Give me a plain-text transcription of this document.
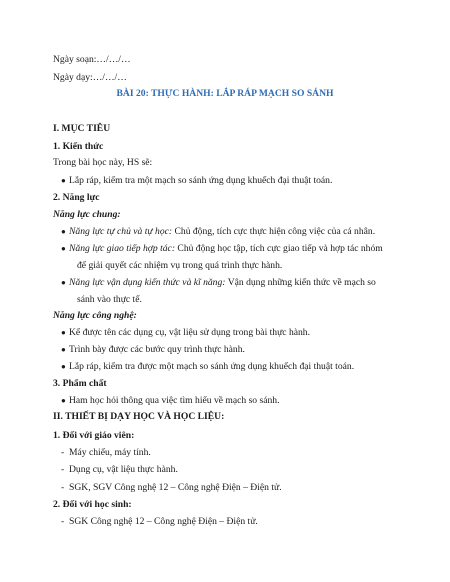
Ngày soạn:…/…/…
Ngày dạy:…/…/…
BÀI 20: THỰC HÀNH: LẮP RÁP MẠCH SO SÁNH
I. MỤC TIÊU
1. Kiến thức
Trong bài học này, HS sẽ:
● Lắp ráp, kiểm tra một mạch so sánh ứng dụng khuếch đại thuật toán.
2. Năng lực
Năng lực chung:
● Năng lực tự chủ và tự học: Chủ động, tích cực thực hiện công việc của cá nhân.
● Năng lực giao tiếp hợp tác: Chủ động học tập, tích cực giao tiếp và hợp tác nhóm
để giải quyết các nhiệm vụ trong quá trình thực hành.
● Năng lực vận dụng kiến thức và kĩ năng: Vận dụng những kiến thức về mạch so
sánh vào thực tế.
Năng lực công nghệ:
● Kể được tên các dụng cụ, vật liệu sử dụng trong bài thực hành.
● Trình bày được các bước quy trình thực hành.
● Lắp ráp, kiểm tra được một mạch so sánh ứng dụng khuếch đại thuật toán.
3. Phẩm chất
● Ham học hỏi thông qua việc tìm hiểu về mạch so sánh.
II. THIẾT BỊ DẠY HỌC VÀ HỌC LIỆU:
1. Đối với giáo viên:
- Máy chiếu, máy tính.
- Dụng cụ, vật liệu thực hành.
- SGK, SGV Công nghệ 12 – Công nghệ Điện – Điện tử.
2. Đối với học sinh:
- SGK Công nghệ 12 – Công nghệ Điện – Điện tử.
